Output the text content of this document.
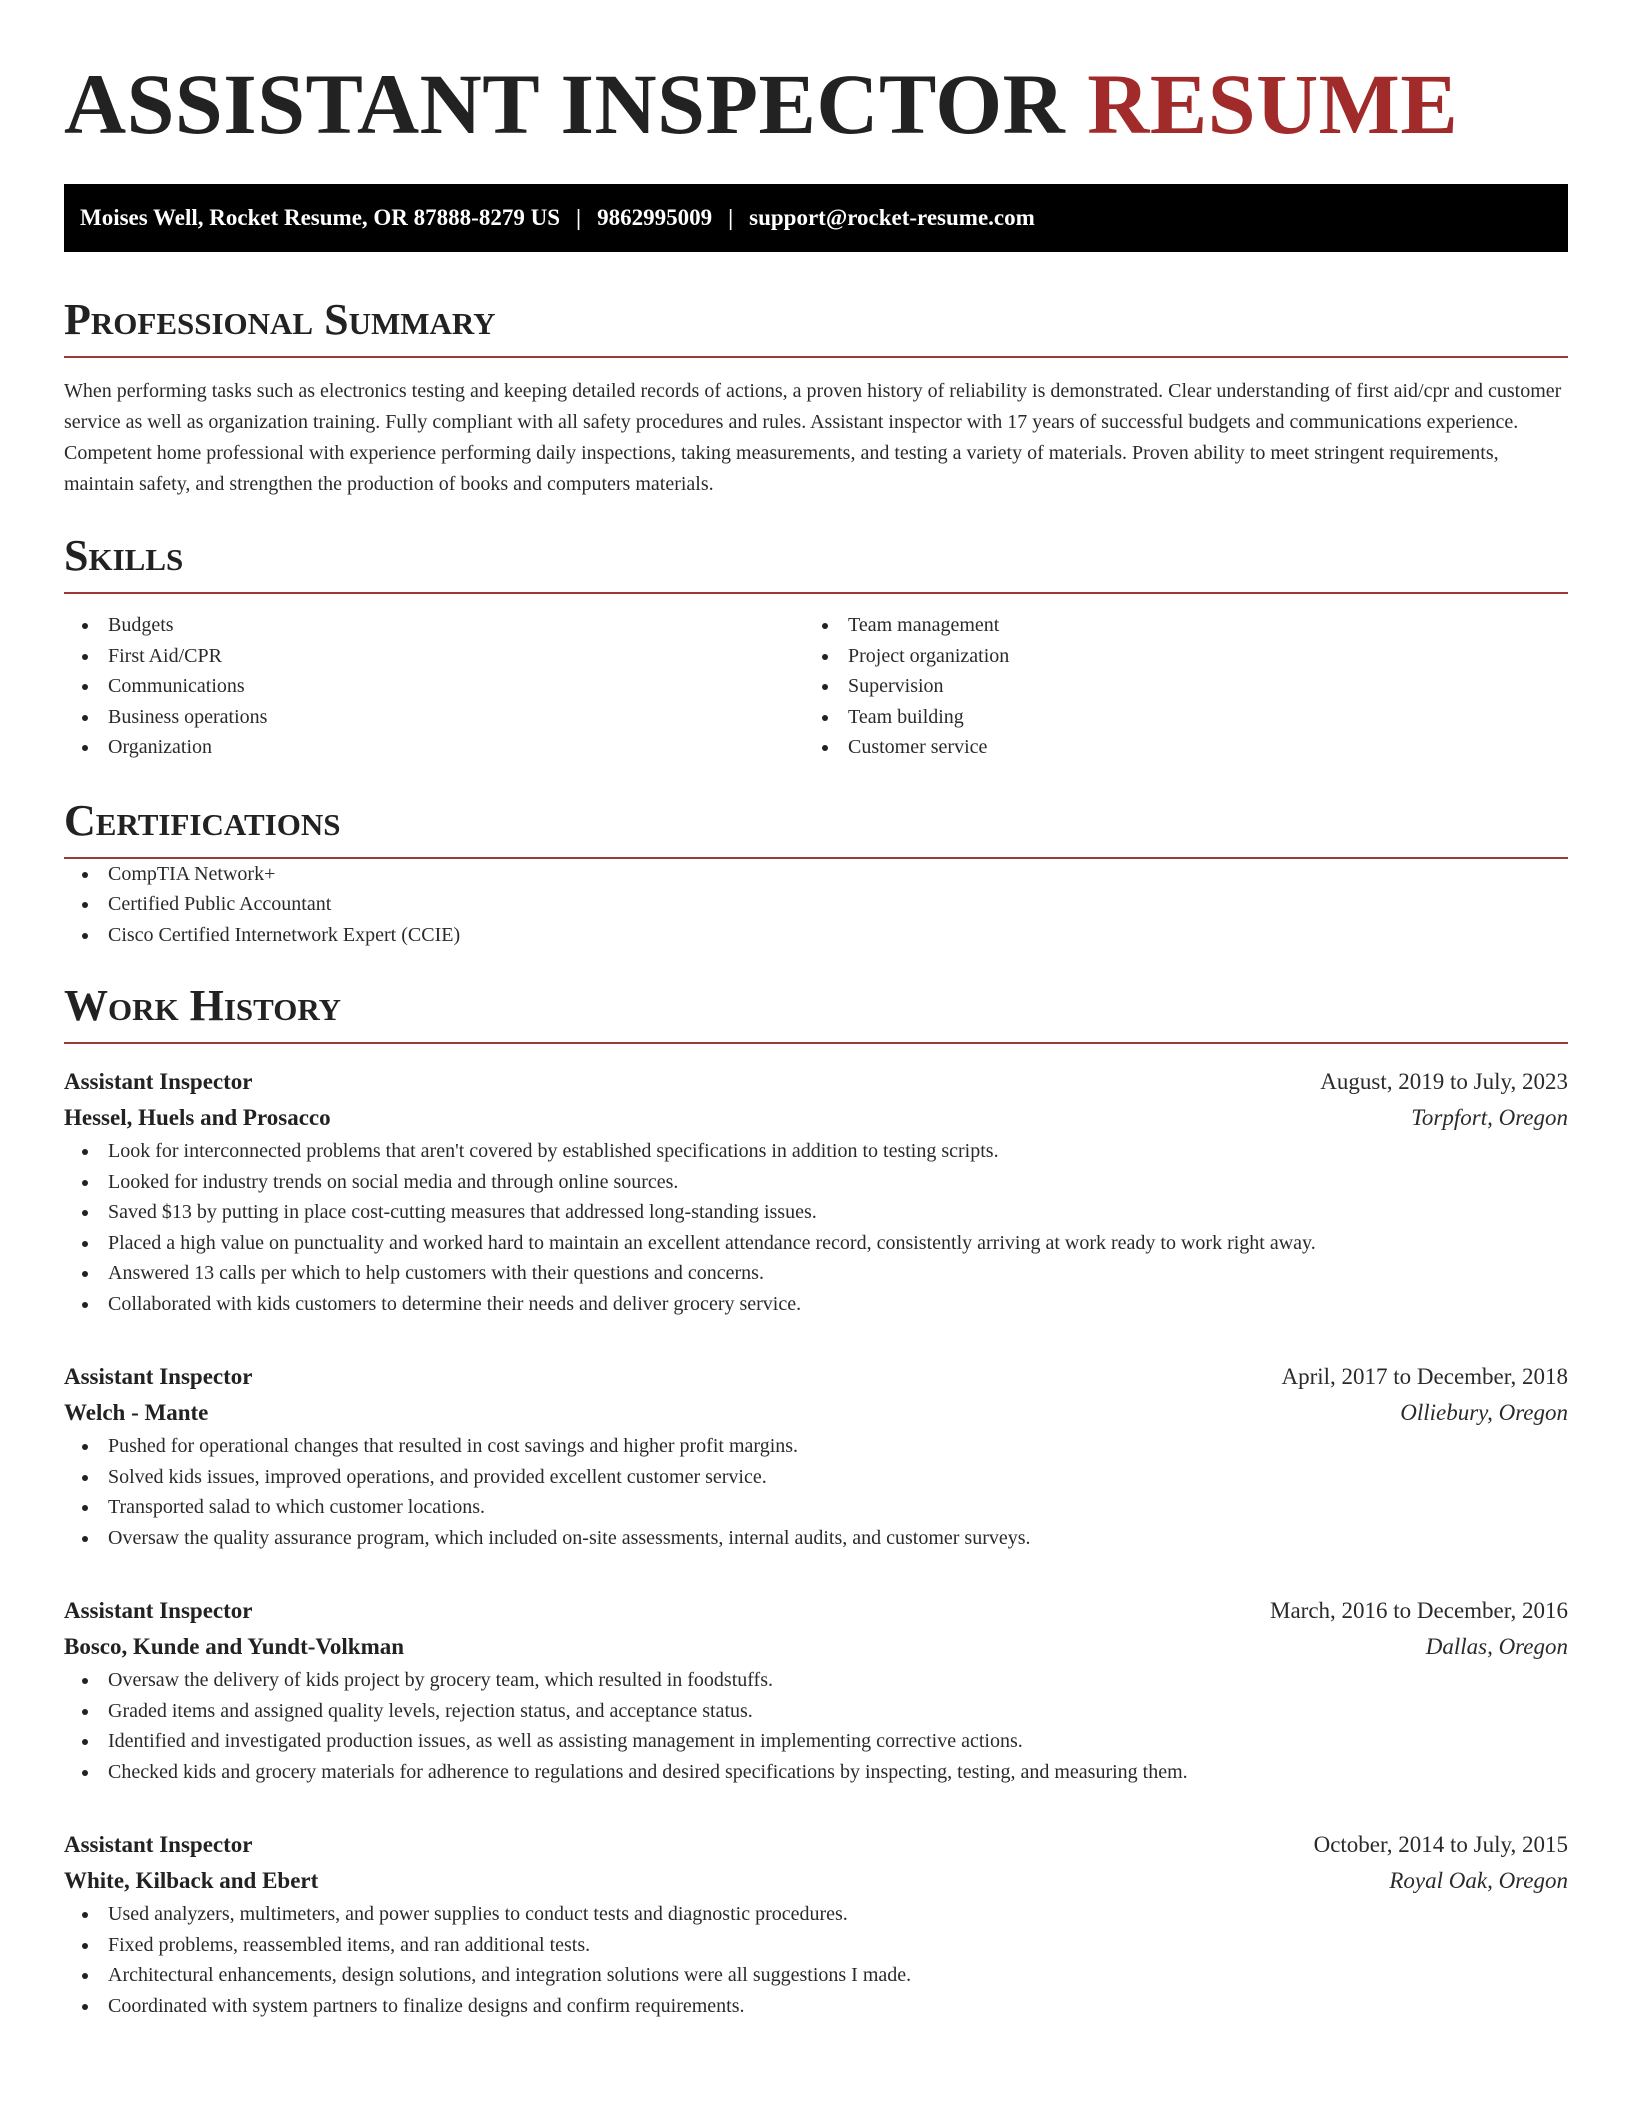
ASSISTANT INSPECTOR RESUME
Moises Well, Rocket Resume, OR 87888-8279 US | 9862995009 | support@rocket-resume.com
Professional Summary

When performing tasks such as electronics testing and keeping detailed records of actions, a proven history of reliability is demonstrated. Clear understanding of first aid/cpr and customer service as well as organization training. Fully compliant with all safety procedures and rules. Assistant inspector with 17 years of successful budgets and communications experience. Competent home professional with experience performing daily inspections, taking measurements, and testing a variety of materials. Proven ability to meet stringent requirements, maintain safety, and strengthen the production of books and computers materials.

Skills
Budgets
First Aid/CPR
Communications
Business operations
Organization
Team management
Project organization
Supervision
Team building
Customer service
Certifications
CompTIA Network+
Certified Public Accountant
Cisco Certified Internetwork Expert (CCIE)
Work History
Assistant Inspector	August, 2019 to July, 2023
Hessel, Huels and Prosacco	Torpfort, Oregon
Look for interconnected problems that aren't covered by established specifications in addition to testing scripts.
Looked for industry trends on social media and through online sources.
Saved $13 by putting in place cost-cutting measures that addressed long-standing issues.
Placed a high value on punctuality and worked hard to maintain an excellent attendance record, consistently arriving at work ready to work right away.
Answered 13 calls per which to help customers with their questions and concerns.
Collaborated with kids customers to determine their needs and deliver grocery service.
Assistant Inspector	April, 2017 to December, 2018
Welch - Mante	Olliebury, Oregon
Pushed for operational changes that resulted in cost savings and higher profit margins.
Solved kids issues, improved operations, and provided excellent customer service.
Transported salad to which customer locations.
Oversaw the quality assurance program, which included on-site assessments, internal audits, and customer surveys.
Assistant Inspector	March, 2016 to December, 2016
Bosco, Kunde and Yundt-Volkman	Dallas, Oregon
Oversaw the delivery of kids project by grocery team, which resulted in foodstuffs.
Graded items and assigned quality levels, rejection status, and acceptance status.
Identified and investigated production issues, as well as assisting management in implementing corrective actions.
Checked kids and grocery materials for adherence to regulations and desired specifications by inspecting, testing, and measuring them.
Assistant Inspector	October, 2014 to July, 2015
White, Kilback and Ebert	Royal Oak, Oregon
Used analyzers, multimeters, and power supplies to conduct tests and diagnostic procedures.
Fixed problems, reassembled items, and ran additional tests.
Architectural enhancements, design solutions, and integration solutions were all suggestions I made.
Coordinated with system partners to finalize designs and confirm requirements.
